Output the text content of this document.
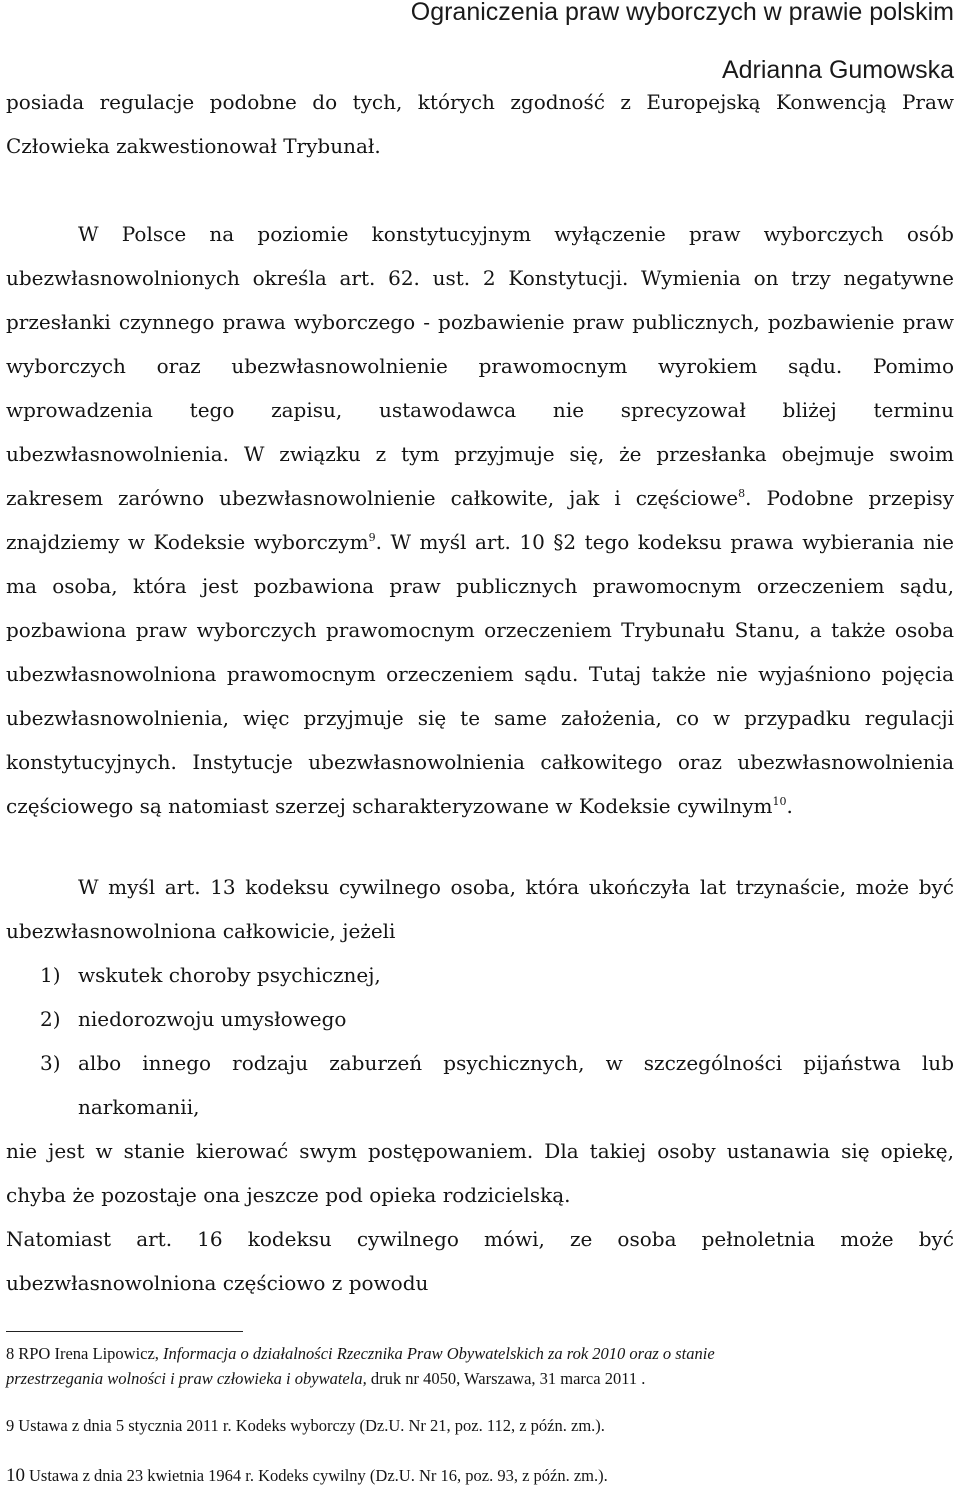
Ograniczenia praw wyborczych w prawie polskim
Adrianna Gumowska
posiada regulacje podobne do tych, których zgodność z Europejską Konwencją Praw
Człowieka zakwestionował Trybunał.
W Polsce na poziomie konstytucyjnym wyłączenie praw wyborczych osób
ubezwłasnowolnionych określa art. 62. ust. 2 Konstytucji. Wymienia on trzy negatywne
przesłanki czynnego prawa wyborczego - pozbawienie praw publicznych, pozbawienie praw
wyborczych oraz ubezwłasnowolnienie prawomocnym wyrokiem sądu. Pomimo
wprowadzenia tego zapisu, ustawodawca nie sprecyzował bliżej terminu
ubezwłasnowolnienia. W związku z tym przyjmuje się, że przesłanka obejmuje swoim
zakresem zarówno ubezwłasnowolnienie całkowite, jak i częściowe$^8$. Podobne przepisy
znajdziemy w Kodeksie wyborczym$^9$. W myśl art. 10 §2 tego kodeksu prawa wybierania nie
ma osoba, która jest pozbawiona praw publicznych prawomocnym orzeczeniem sądu,
pozbawiona praw wyborczych prawomocnym orzeczeniem Trybunału Stanu, a także osoba
ubezwłasnowolniona prawomocnym orzeczeniem sądu. Tutaj także nie wyjaśniono pojęcia
ubezwłasnowolnienia, więc przyjmuje się te same założenia, co w przypadku regulacji
konstytucyjnych. Instytucje ubezwłasnowolnienia całkowitego oraz ubezwłasnowolnienia
częściowego są natomiast szerzej scharakteryzowane w Kodeksie cywilnym$^{10}$.
W myśl art. 13 kodeksu cywilnego osoba, która ukończyła lat trzynaście, może być
ubezwłasnowolniona całkowicie, jeżeli
1) wskutek choroby psychicznej,
2) niedorozwoju umysłowego
3) albo innego rodzaju zaburzeń psychicznych, w szczególności pijaństwa lub
narkomanii,
nie jest w stanie kierować swym postępowaniem. Dla takiej osoby ustanawia się opiekę,
chyba że pozostaje ona jeszcze pod opieka rodzicielską.
Natomiast art. 16 kodeksu cywilnego mówi, ze osoba pełnoletnia może być
ubezwłasnowolniona częściowo z powodu
8 RPO Irena Lipowicz, Informacja o działalności Rzecznika Praw Obywatelskich za rok 2010 oraz o stanie
przestrzegania wolności i praw człowieka i obywatela, druk nr 4050, Warszawa, 31 marca 2011 .
9 Ustawa z dnia 5 stycznia 2011 r. Kodeks wyborczy (Dz.U. Nr 21, poz. 112, z późn. zm.).
10 Ustawa z dnia 23 kwietnia 1964 r. Kodeks cywilny (Dz.U. Nr 16, poz. 93, z późn. zm.).
